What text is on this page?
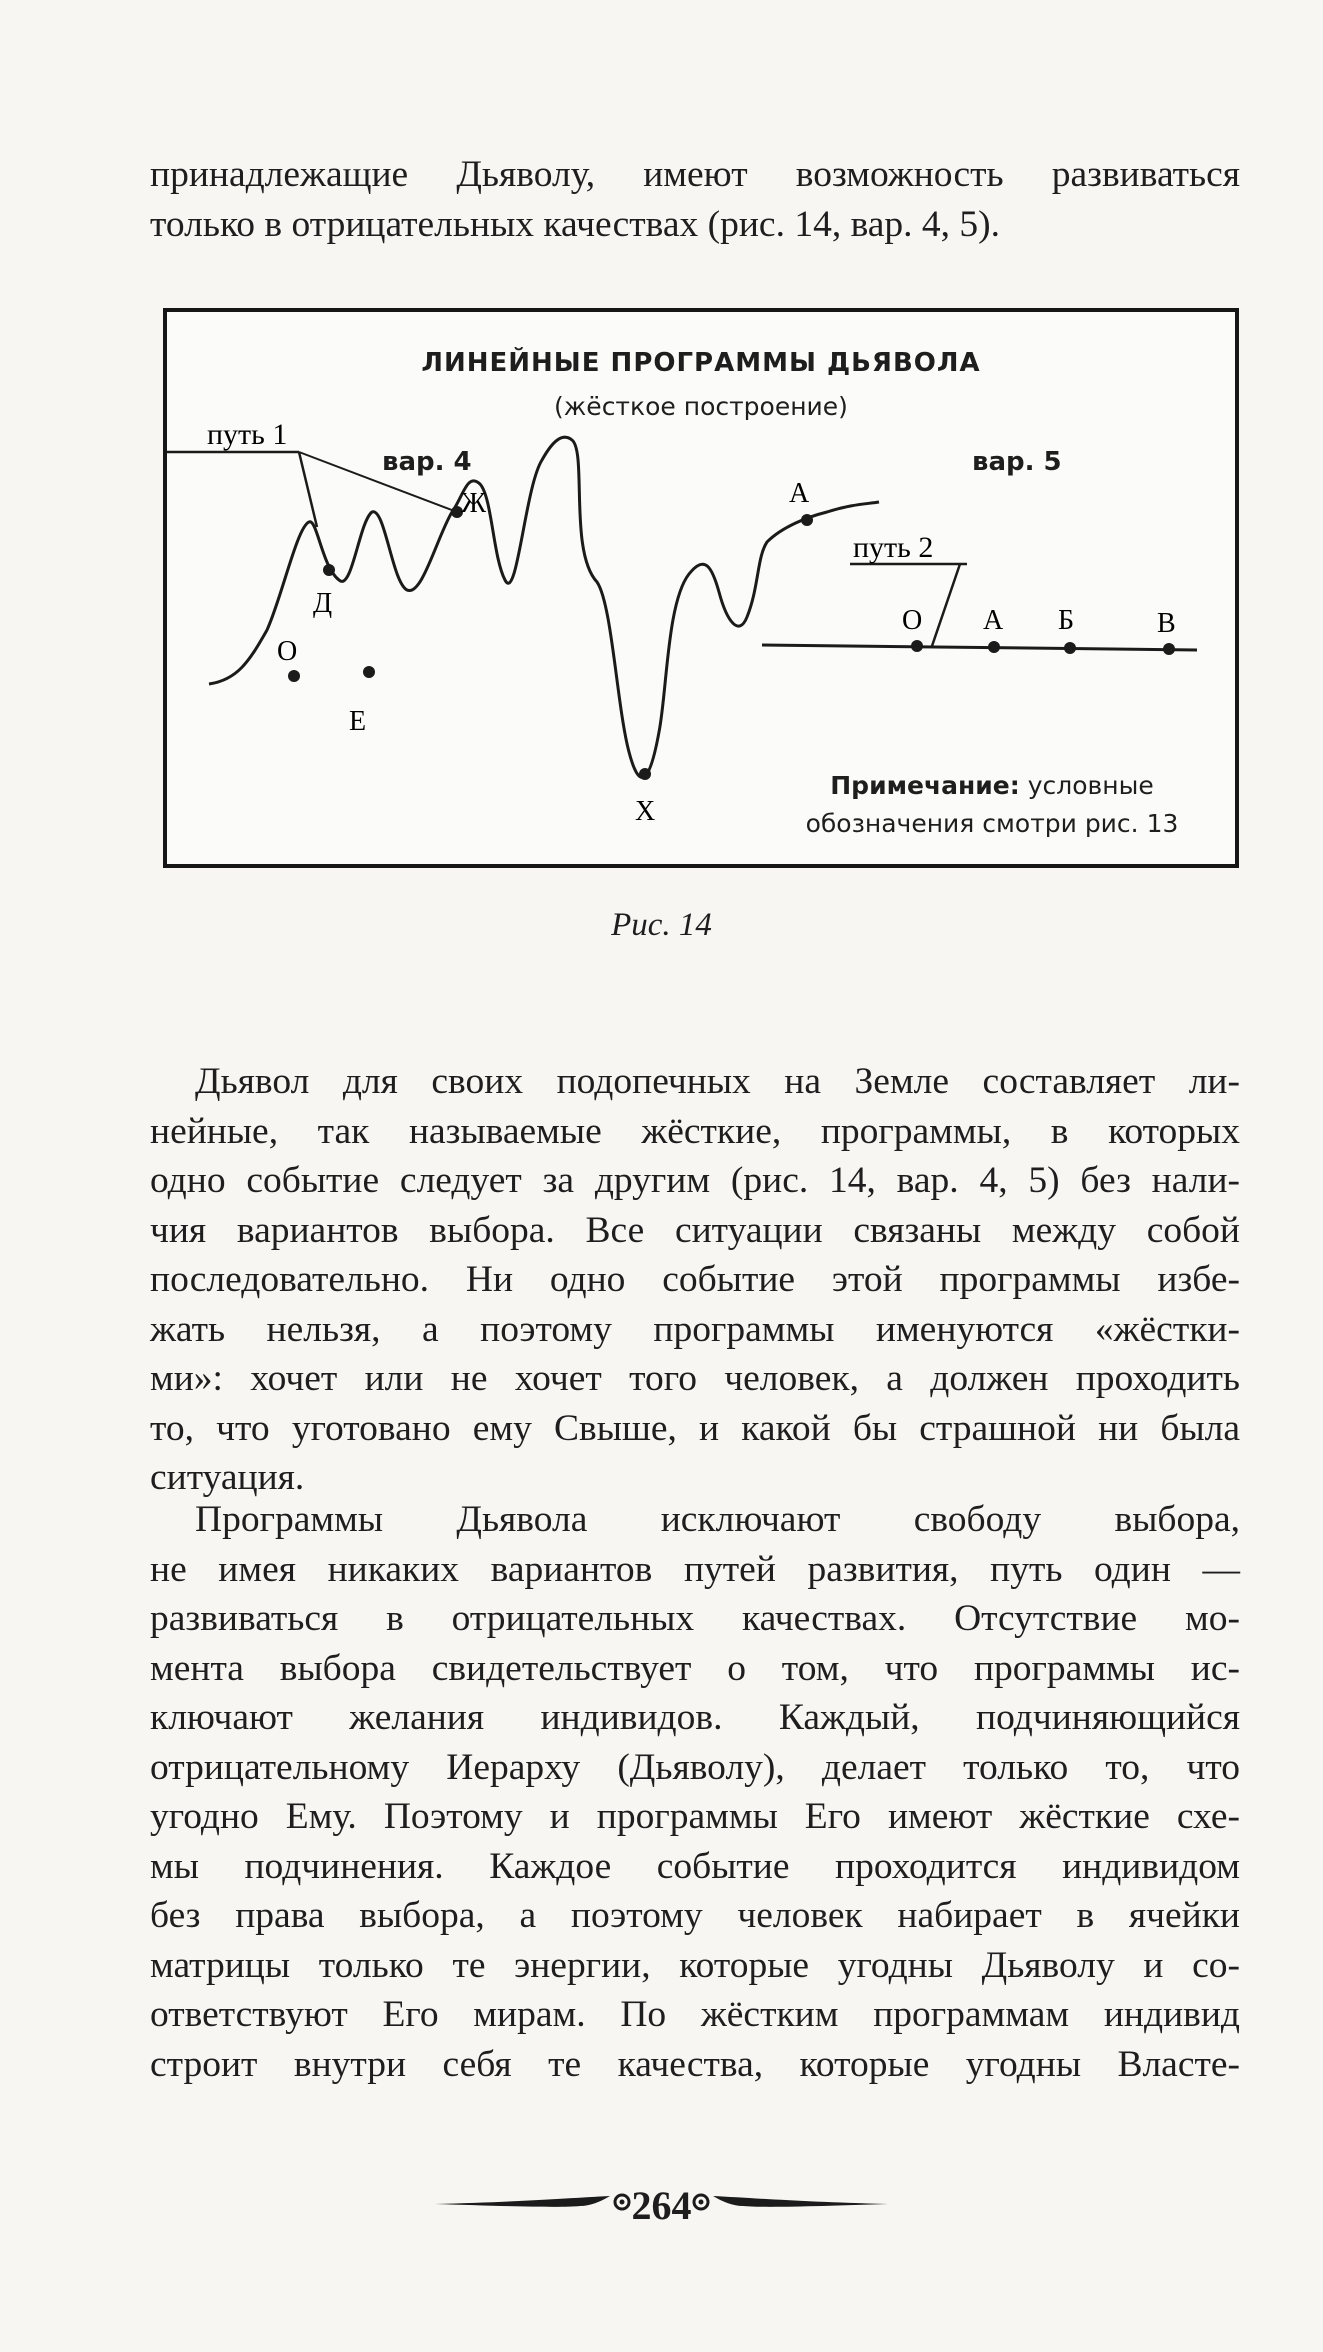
принадлежащие Дьяволу, имеют возможность развиваться
только в отрицательных качествах (рис. 14, вар. 4, 5).

ЛИНЕЙНЫЕ ПРОГРАММЫ ДЬЯВОЛА
(жёсткое построение)
вар. 4	вар. 5
путь 1
О
Д
Е
Ж
Х
А
путь 2
О А Б	В
Примечание: условные
обозначения смотри рис. 13
Рис. 14

Дьявол для своих подопечных на Земле составляет ли-
нейные, так называемые жёсткие, программы, в которых
одно событие следует за другим (рис. 14, вар. 4, 5) без нали-
чия вариантов выбора. Все ситуации связаны между собой
последовательно. Ни одно событие этой программы избе-
жать нельзя, а поэтому программы именуются «жёстки-
ми»: хочет или не хочет того человек, а должен проходить
то, что уготовано ему Свыше, и какой бы страшной ни была
ситуация.

Программы Дьявола исключают свободу выбора,
не имея никаких вариантов путей развития, путь один —
развиваться в отрицательных качествах. Отсутствие мо-
мента выбора свидетельствует о том, что программы ис-
ключают желания индивидов. Каждый, подчиняющийся
отрицательному Иерарху (Дьяволу), делает только то, что
угодно Ему. Поэтому и программы Его имеют жёсткие схе-
мы подчинения. Каждое событие проходится индивидом
без права выбора, а поэтому человек набирает в ячейки
матрицы только те энергии, которые угодны Дьяволу и со-
ответствуют Его мирам. По жёстким программам индивид
строит внутри себя те качества, которые угодны Власте-

264
